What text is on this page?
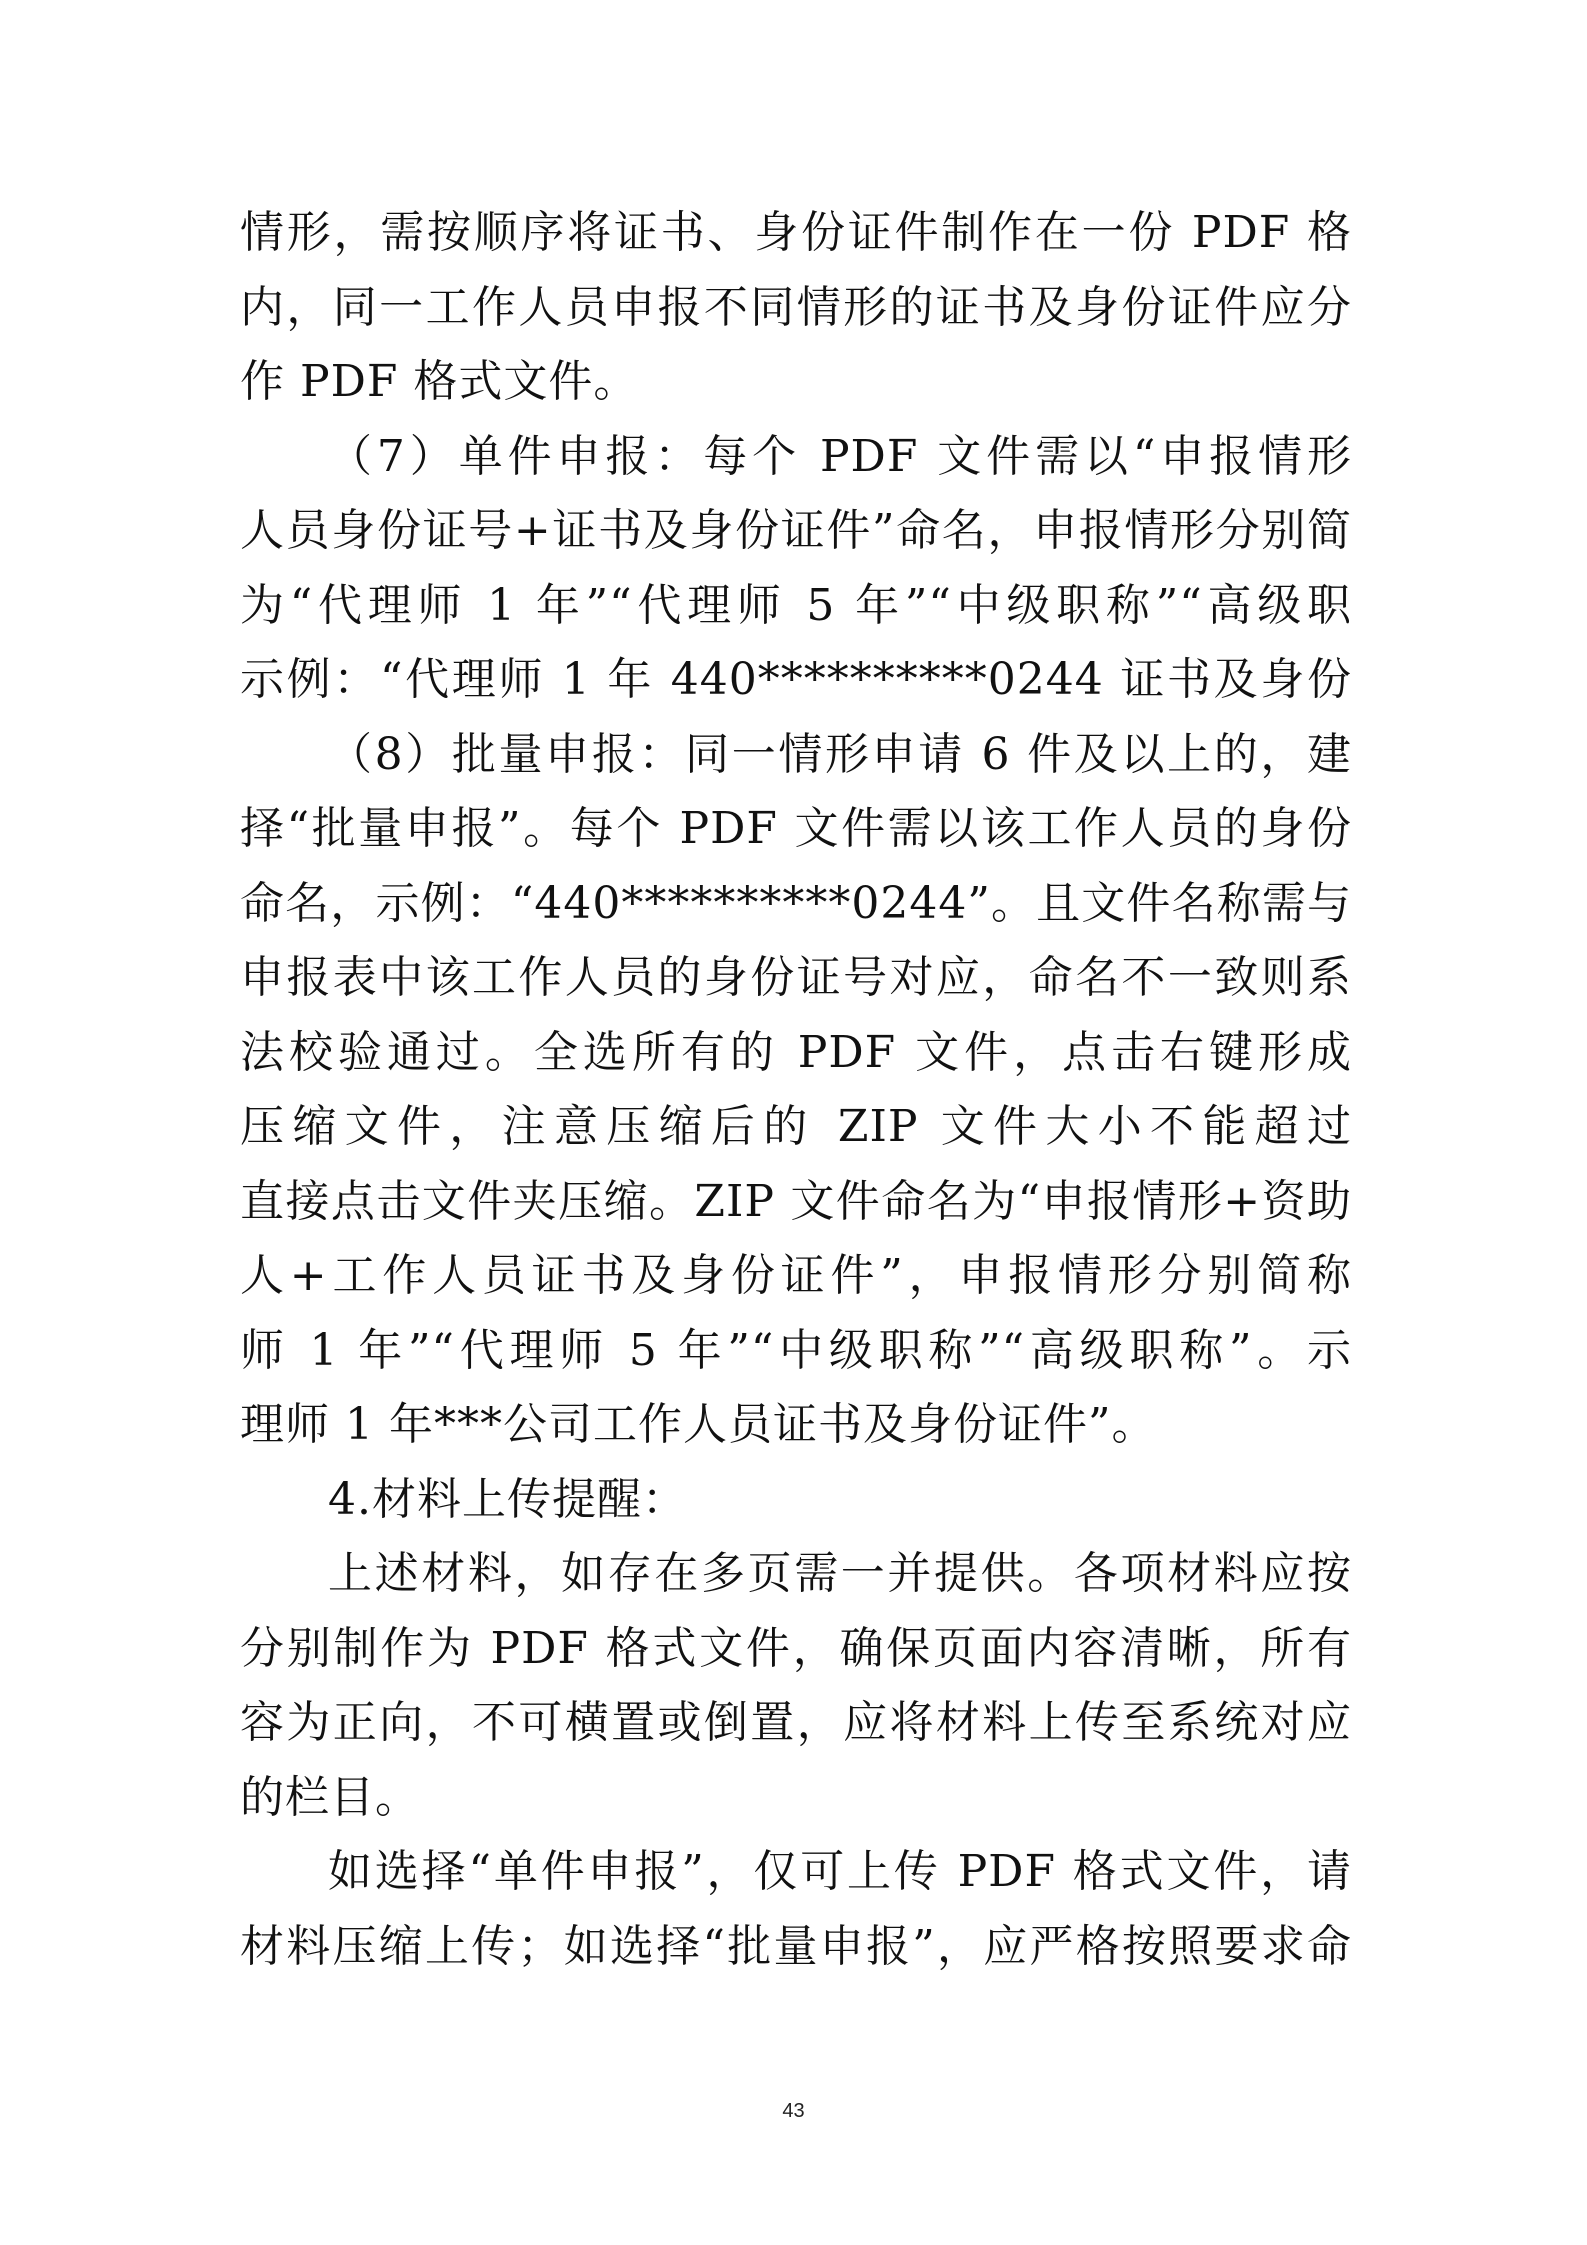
情形，需按顺序将证书、身份证件制作在一份 PDF 格
内，同一工作人员申报不同情形的证书及身份证件应分
作 PDF 格式文件。
（7）单件申报：每个 PDF 文件需以“申报情形
人员身份证号+证书及身份证件”命名，申报情形分别简
为“代理师 1 年”“代理师 5 年”“中级职称”“高级职
示例：“代理师 1 年 440**********0244 证书及身份
（8）批量申报：同一情形申请 6 件及以上的，建
择“批量申报”。每个 PDF 文件需以该工作人员的身份
命名，示例：“440**********0244”。且文件名称需与
申报表中该工作人员的身份证号对应，命名不一致则系
法校验通过。全选所有的 PDF 文件，点击右键形成
压缩文件，注意压缩后的 ZIP 文件大小不能超过
直接点击文件夹压缩。ZIP 文件命名为“申报情形+资助
人+工作人员证书及身份证件”，申报情形分别简称
师 1 年”“代理师 5 年”“中级职称”“高级职称”。示
理师 1 年***公司工作人员证书及身份证件”。
4.材料上传提醒：
上述材料，如存在多页需一并提供。各项材料应按
分别制作为 PDF 格式文件，确保页面内容清晰，所有
容为正向，不可横置或倒置，应将材料上传至系统对应
的栏目。
如选择“单件申报”，仅可上传 PDF 格式文件，请
材料压缩上传；如选择“批量申报”，应严格按照要求命
43
